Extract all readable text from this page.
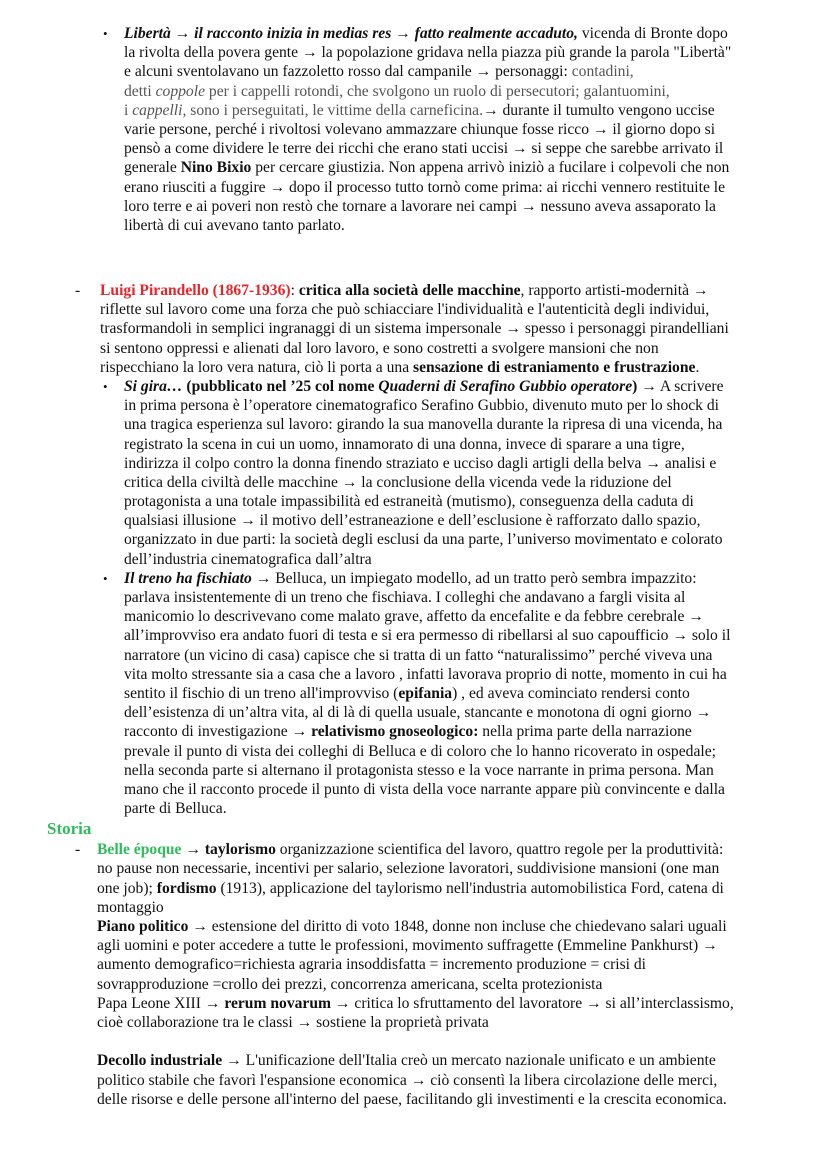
• Libertà → il racconto inizia in medias res → fatto realmente accaduto, vicenda di Bronte dopo
la rivolta della povera gente → la popolazione gridava nella piazza più grande la parola "Libertà"
e alcuni sventolavano un fazzoletto rosso dal campanile → personaggi: contadini,
detti coppole per i cappelli rotondi, che svolgono un ruolo di persecutori; galantuomini,
i cappelli, sono i perseguitati, le vittime della carneficina.→ durante il tumulto vengono uccise
varie persone, perché i rivoltosi volevano ammazzare chiunque fosse ricco → il giorno dopo si
pensò a come dividere le terre dei ricchi che erano stati uccisi → si seppe che sarebbe arrivato il
generale Nino Bixio per cercare giustizia. Non appena arrivò iniziò a fucilare i colpevoli che non
erano riusciti a fuggire → dopo il processo tutto tornò come prima: ai ricchi vennero restituite le
loro terre e ai poveri non restò che tornare a lavorare nei campi → nessuno aveva assaporato la
libertà di cui avevano tanto parlato.
- Luigi Pirandello (1867-1936): critica alla società delle macchine, rapporto artisti-modernità →
riflette sul lavoro come una forza che può schiacciare l'individualità e l'autenticità degli individui,
trasformandoli in semplici ingranaggi di un sistema impersonale → spesso i personaggi pirandelliani
si sentono oppressi e alienati dal loro lavoro, e sono costretti a svolgere mansioni che non
rispecchiano la loro vera natura, ciò li porta a una sensazione di estraniamento e frustrazione.
• Si gira… (pubblicato nel ’25 col nome Quaderni di Serafino Gubbio operatore) → A scrivere
in prima persona è l’operatore cinematografico Serafino Gubbio, divenuto muto per lo shock di
una tragica esperienza sul lavoro: girando la sua manovella durante la ripresa di una vicenda, ha
registrato la scena in cui un uomo, innamorato di una donna, invece di sparare a una tigre,
indirizza il colpo contro la donna finendo straziato e ucciso dagli artigli della belva → analisi e
critica della civiltà delle macchine → la conclusione della vicenda vede la riduzione del
protagonista a una totale impassibilità ed estraneità (mutismo), conseguenza della caduta di
qualsiasi illusione → il motivo dell’estraneazione e dell’esclusione è rafforzato dallo spazio,
organizzato in due parti: la società degli esclusi da una parte, l’universo movimentato e colorato
dell’industria cinematografica dall’altra
• Il treno ha fischiato → Belluca, un impiegato modello, ad un tratto però sembra impazzito:
parlava insistentemente di un treno che fischiava. I colleghi che andavano a fargli visita al
manicomio lo descrivevano come malato grave, affetto da encefalite e da febbre cerebrale →
all’improvviso era andato fuori di testa e si era permesso di ribellarsi al suo capoufficio → solo il
narratore (un vicino di casa) capisce che si tratta di un fatto “naturalissimo” perché viveva una
vita molto stressante sia a casa che a lavoro , infatti lavorava proprio di notte, momento in cui ha
sentito il fischio di un treno all'improvviso (epifania) , ed aveva cominciato rendersi conto
dell’esistenza di un’altra vita, al di là di quella usuale, stancante e monotona di ogni giorno →
racconto di investigazione → relativismo gnoseologico: nella prima parte della narrazione
prevale il punto di vista dei colleghi di Belluca e di coloro che lo hanno ricoverato in ospedale;
nella seconda parte si alternano il protagonista stesso e la voce narrante in prima persona. Man
mano che il racconto procede il punto di vista della voce narrante appare più convincente e dalla
parte di Belluca.
Storia
- Belle époque → taylorismo organizzazione scientifica del lavoro, quattro regole per la produttività:
no pause non necessarie, incentivi per salario, selezione lavoratori, suddivisione mansioni (one man
one job); fordismo (1913), applicazione del taylorismo nell'industria automobilistica Ford, catena di
montaggio
Piano politico → estensione del diritto di voto 1848, donne non incluse che chiedevano salari uguali
agli uomini e poter accedere a tutte le professioni, movimento suffragette (Emmeline Pankhurst) →
aumento demografico=richiesta agraria insoddisfatta = incremento produzione = crisi di
sovrapproduzione =crollo dei prezzi, concorrenza americana, scelta protezionista
Papa Leone XIII → rerum novarum → critica lo sfruttamento del lavoratore → si all’interclassismo,
cioè collaborazione tra le classi → sostiene la proprietà privata
Decollo industriale → L'unificazione dell'Italia creò un mercato nazionale unificato e un ambiente
politico stabile che favorì l'espansione economica → ciò consentì la libera circolazione delle merci,
delle risorse e delle persone all'interno del paese, facilitando gli investimenti e la crescita economica.
